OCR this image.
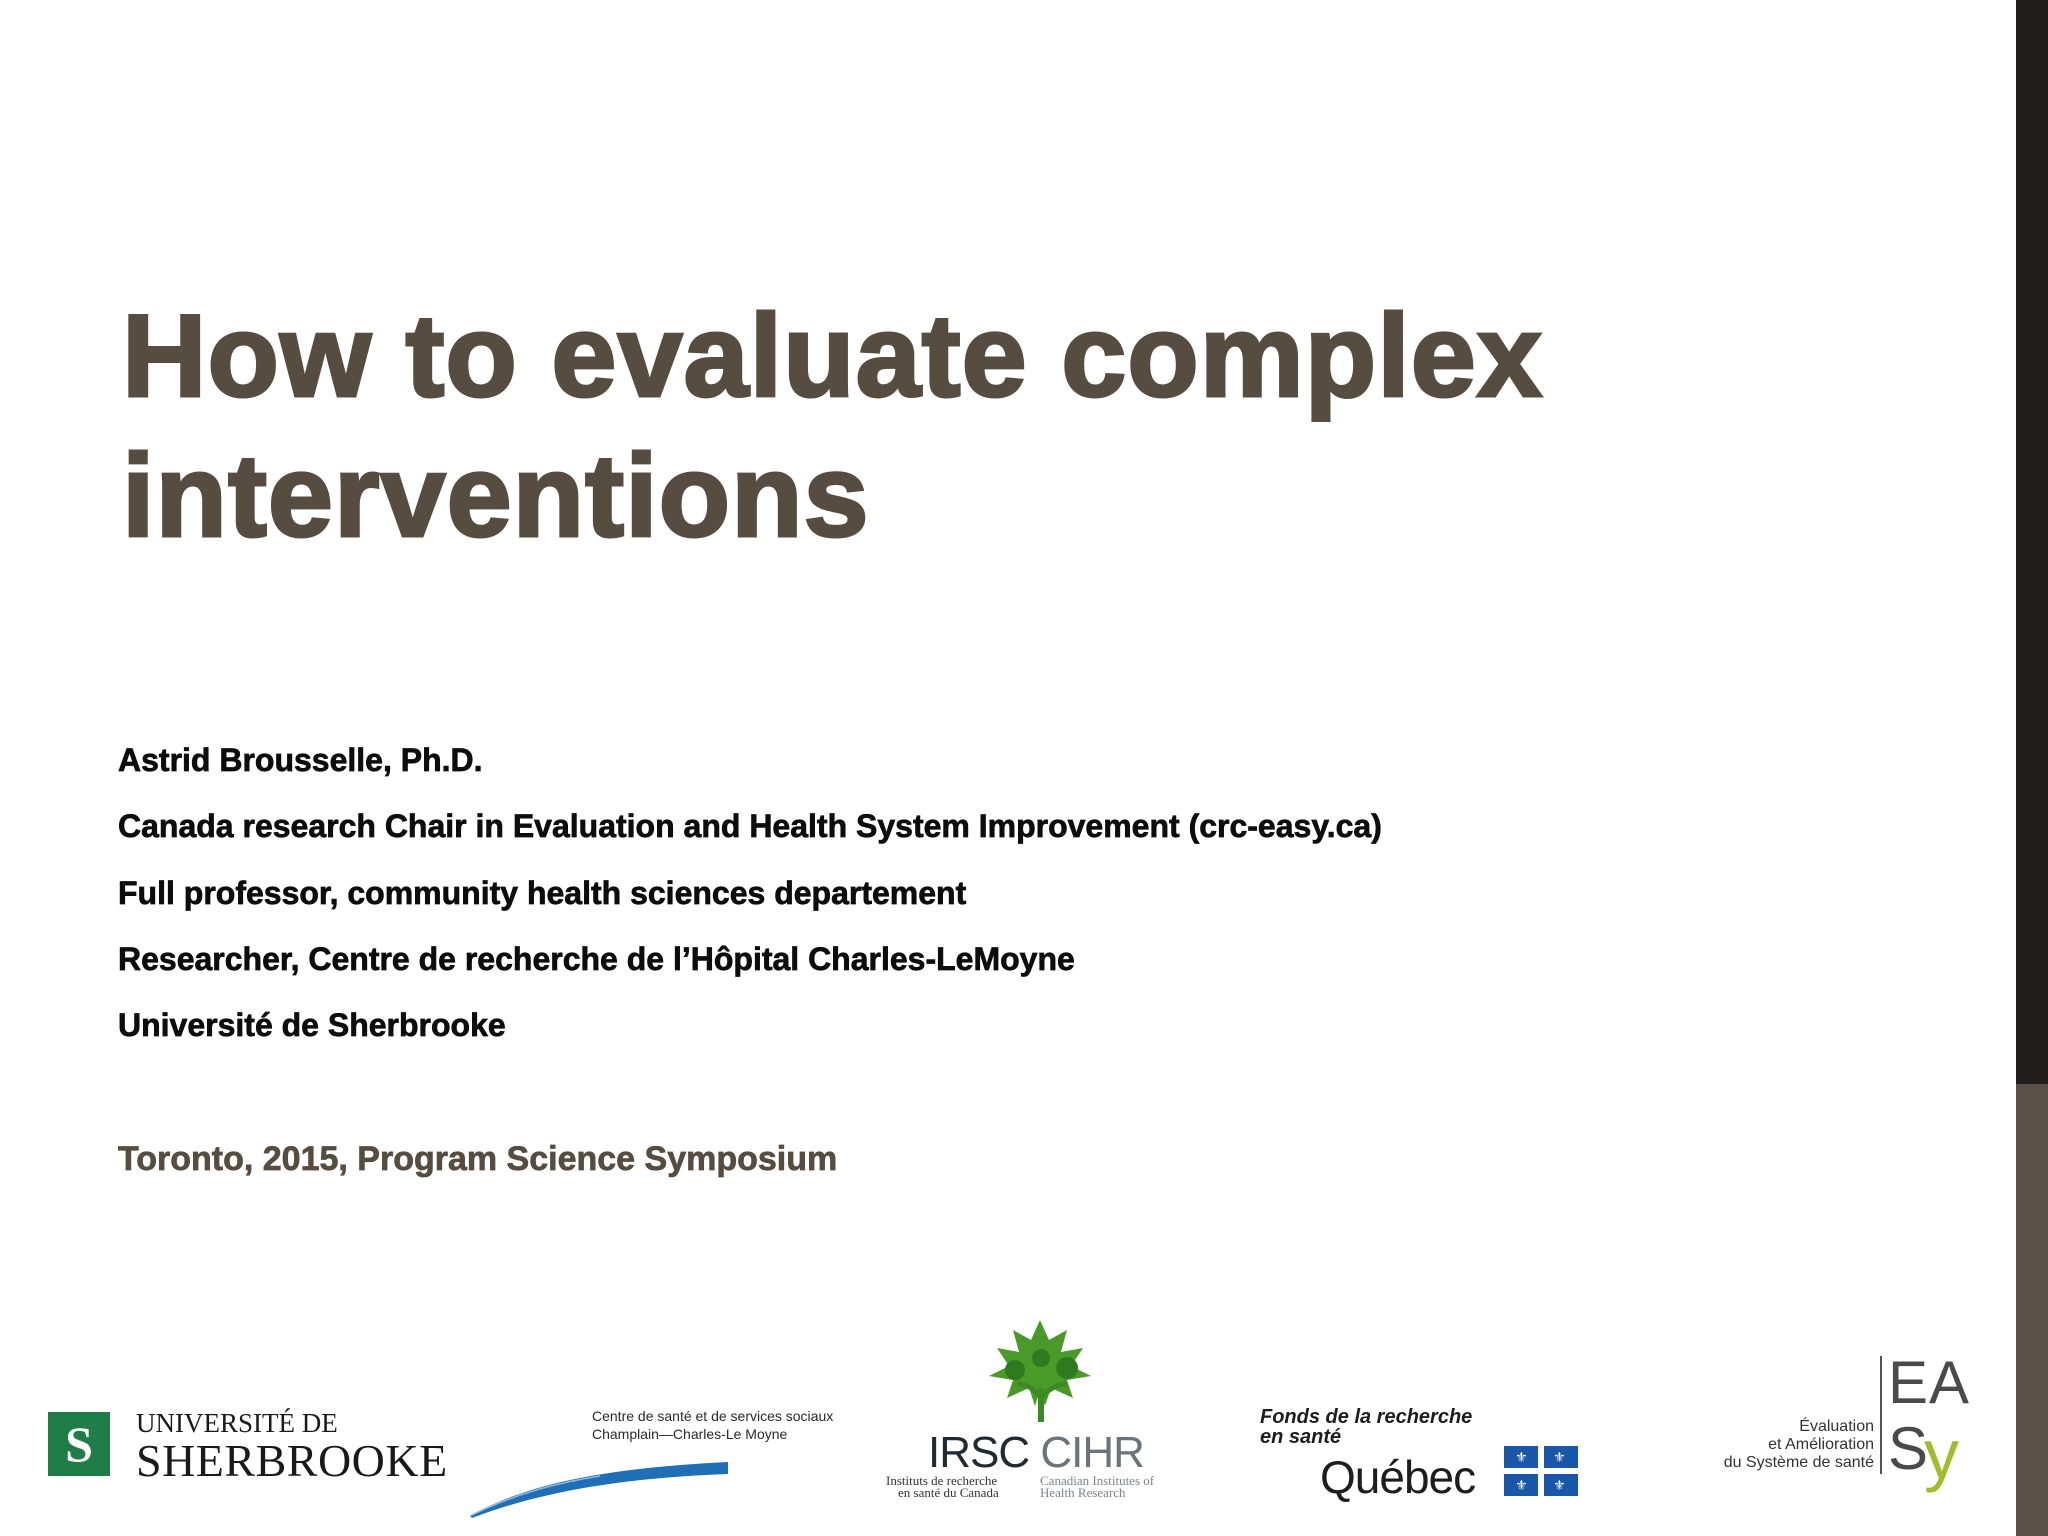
How to evaluate complex
interventions

Astrid Brousselle, Ph.D.

Canada research Chair in Evaluation and Health System Improvement (crc-easy.ca)

Full professor, community health sciences departement

Researcher, Centre de recherche de l’Hôpital Charles-LeMoyne

Université de Sherbrooke

Toronto, 2015, Program Science Symposium

S	UNIVERSITÉ DE
SHERBROOKE
Centre de santé et de services sociaux
Champlain—Charles-Le Moyne	IRSC CIHR
Instituts de recherche
en santé du Canada
Canadian Institutes of
Health Research
Fonds de la recherche
en santé
Québec	⚜ ⚜
⚜ ⚜
Évaluation
et Amélioration
du Système de santé
EA
S
y
